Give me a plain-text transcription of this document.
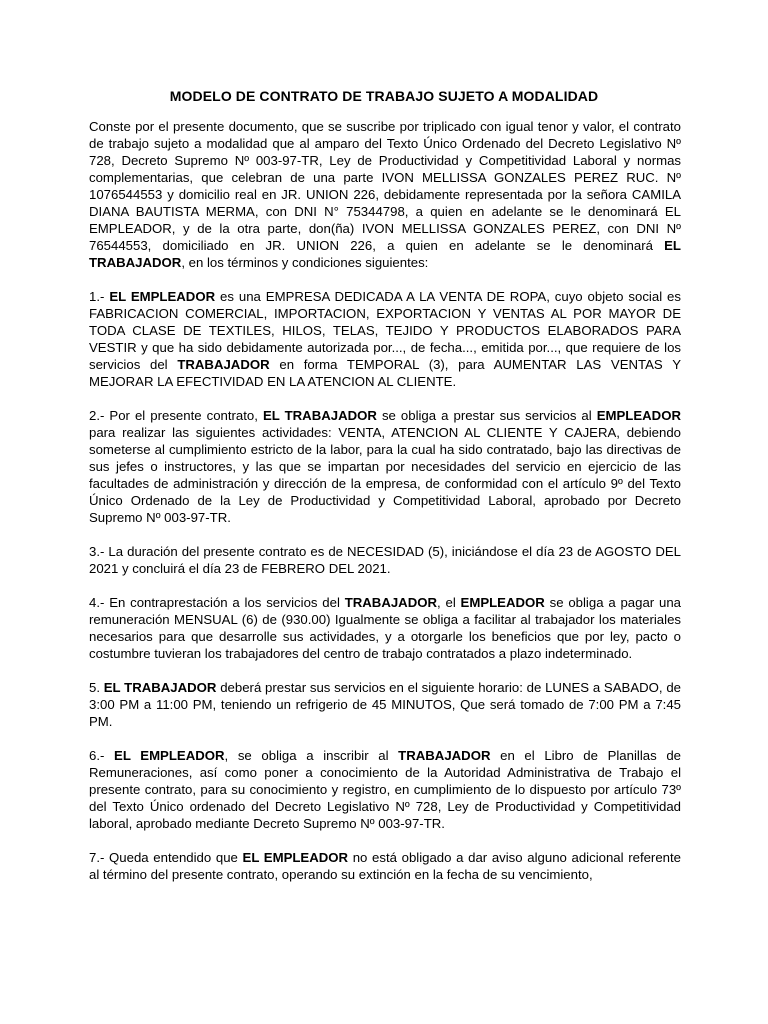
MODELO DE CONTRATO DE TRABAJO SUJETO A MODALIDAD

Conste por el presente documento, que se suscribe por triplicado con igual tenor y valor, el contrato de trabajo sujeto a modalidad que al amparo del Texto Único Ordenado del Decreto Legislativo Nº 728, Decreto Supremo Nº 003-97-TR, Ley de Productividad y Competitividad Laboral y normas complementarias, que celebran de una parte IVON MELLISSA GONZALES PEREZ RUC. Nº 1076544553 y domicilio real en JR. UNION 226, debidamente representada por la señora CAMILA DIANA BAUTISTA MERMA, con DNI N° 75344798, a quien en adelante se le denominará EL EMPLEADOR, y de la otra parte, don(ña) IVON MELLISSA GONZALES PEREZ, con DNI Nº 76544553, domiciliado en JR. UNION 226, a quien en adelante se le denominará EL TRABAJADOR, en los términos y condiciones siguientes:

1.- EL EMPLEADOR es una EMPRESA DEDICADA A LA VENTA DE ROPA, cuyo objeto social es FABRICACION COMERCIAL, IMPORTACION, EXPORTACION Y VENTAS AL POR MAYOR DE TODA CLASE DE TEXTILES, HILOS, TELAS, TEJIDO Y PRODUCTOS ELABORADOS PARA VESTIR y que ha sido debidamente autorizada por..., de fecha..., emitida por..., que requiere de los servicios del TRABAJADOR en forma TEMPORAL (3), para AUMENTAR LAS VENTAS Y MEJORAR LA EFECTIVIDAD EN LA ATENCION AL CLIENTE.

2.- Por el presente contrato, EL TRABAJADOR se obliga a prestar sus servicios al EMPLEADOR para realizar las siguientes actividades: VENTA, ATENCION AL CLIENTE Y CAJERA, debiendo someterse al cumplimiento estricto de la labor, para la cual ha sido contratado, bajo las directivas de sus jefes o instructores, y las que se impartan por necesidades del servicio en ejercicio de las facultades de administración y dirección de la empresa, de conformidad con el artículo 9º del Texto Único Ordenado de la Ley de Productividad y Competitividad Laboral, aprobado por Decreto Supremo Nº 003-97-TR.

3.- La duración del presente contrato es de NECESIDAD (5), iniciándose el día 23 de AGOSTO DEL 2021 y concluirá el día 23 de FEBRERO DEL 2021.

4.- En contraprestación a los servicios del TRABAJADOR, el EMPLEADOR se obliga a pagar una remuneración MENSUAL (6) de (930.00) Igualmente se obliga a facilitar al trabajador los materiales necesarios para que desarrolle sus actividades, y a otorgarle los beneficios que por ley, pacto o costumbre tuvieran los trabajadores del centro de trabajo contratados a plazo indeterminado.

5. EL TRABAJADOR deberá prestar sus servicios en el siguiente horario: de LUNES a SABADO, de 3:00 PM a 11:00 PM, teniendo un refrigerio de 45 MINUTOS, Que será tomado de 7:00 PM a 7:45 PM.

6.- EL EMPLEADOR, se obliga a inscribir al TRABAJADOR en el Libro de Planillas de Remuneraciones, así como poner a conocimiento de la Autoridad Administrativa de Trabajo el presente contrato, para su conocimiento y registro, en cumplimiento de lo dispuesto por artículo 73º del Texto Único ordenado del Decreto Legislativo Nº 728, Ley de Productividad y Competitividad laboral, aprobado mediante Decreto Supremo Nº 003-97-TR.

7.- Queda entendido que EL EMPLEADOR no está obligado a dar aviso alguno adicional referente al término del presente contrato, operando su extinción en la fecha de su vencimiento,
